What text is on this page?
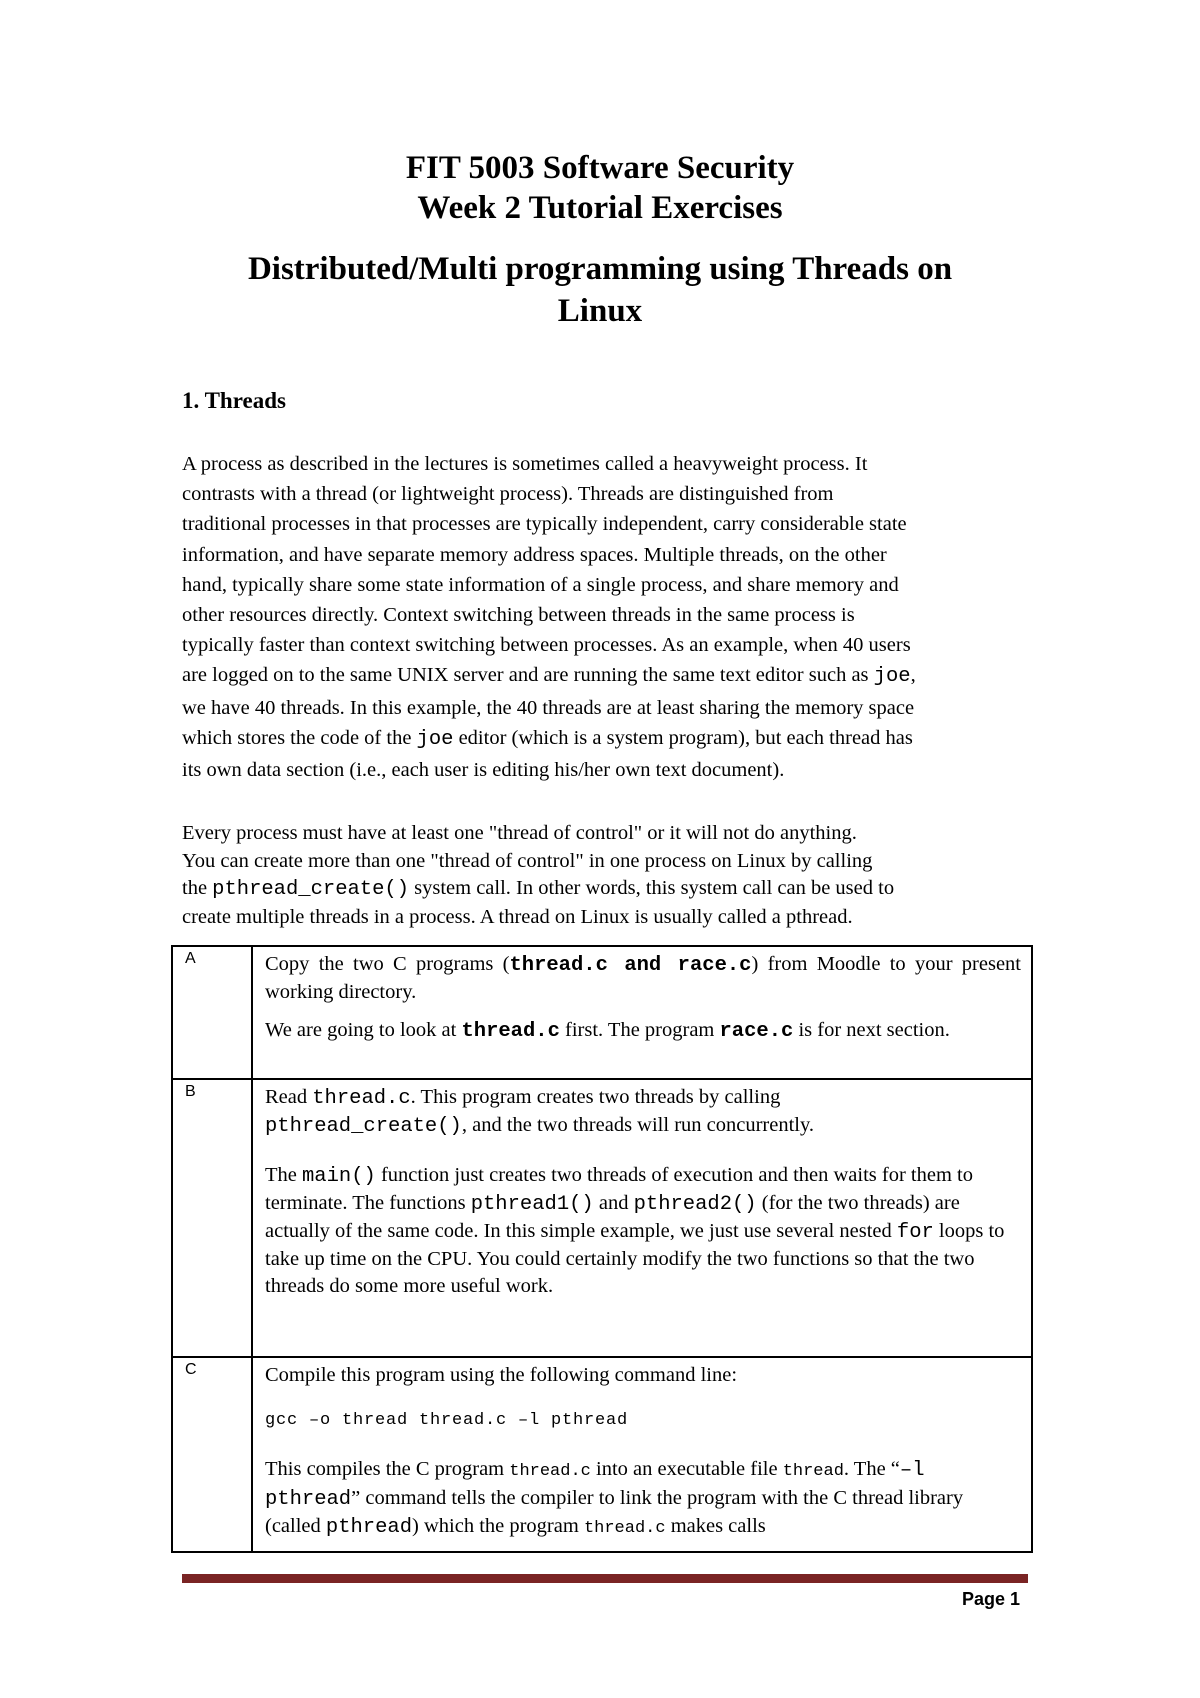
FIT 5003 Software Security
Week 2 Tutorial Exercises
Distributed/Multi programming using Threads on
Linux
1. Threads
A process as described in the lectures is sometimes called a heavyweight process. It
contrasts with a thread (or lightweight process). Threads are distinguished from
traditional processes in that processes are typically independent, carry considerable state
information, and have separate memory address spaces. Multiple threads, on the other
hand, typically share some state information of a single process, and share memory and
other resources directly. Context switching between threads in the same process is
typically faster than context switching between processes. As an example, when 40 users
are logged on to the same UNIX server and are running the same text editor such as joe,
we have 40 threads. In this example, the 40 threads are at least sharing the memory space
which stores the code of the joe editor (which is a system program), but each thread has
its own data section (i.e., each user is editing his/her own text document).
Every process must have at least one "thread of control" or it will not do anything.
You can create more than one "thread of control" in one process on Linux by calling
the pthread_create() system call. In other words, this system call can be used to
create multiple threads in a process. A thread on Linux is usually called a pthread.
A	Copy the two C programs (thread.c and race.c) from Moodle to your present working directory.
We are going to look at thread.c first. The program race.c is for next section.

B	Read thread.c. This program creates two threads by calling
pthread_create(), and the two threads will run concurrently.
The main() function just creates two threads of execution and then waits for them to terminate. The functions pthread1() and pthread2() (for the two threads) are actually of the same code. In this simple example, we just use several nested for loops to take up time on the CPU. You could certainly modify the two functions so that the two threads do some more useful work.

C	Compile this program using the following command line:
gcc –o thread thread.c –l pthread
This compiles the C program thread.c into an executable file thread. The “–l pthread” command tells the compiler to link the program with the C thread library (called pthread) which the program thread.c makes calls
Page 1
